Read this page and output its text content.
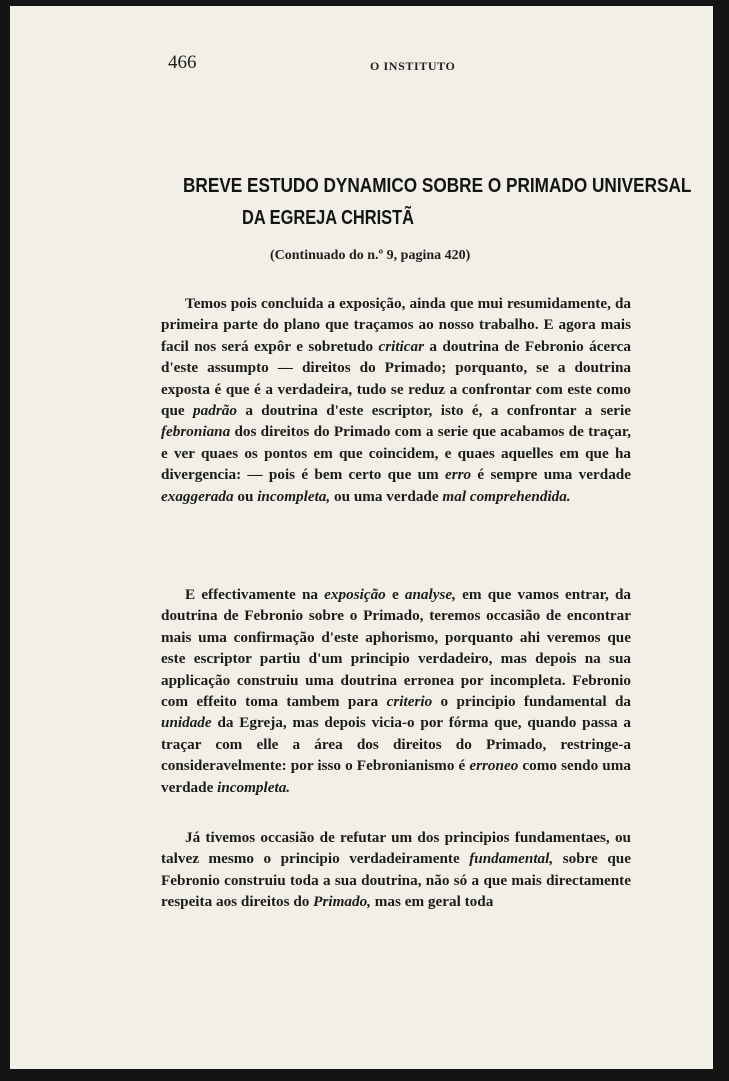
466	O INSTITUTO
BREVE ESTUDO DYNAMICO SOBRE O PRIMADO UNIVERSAL
DA EGREJA CHRISTÃ
(Continuado do n.º 9, pagina 420)

Temos pois concluida a exposição, ainda que mui resumidamente, da primeira parte do plano que traçamos ao nosso trabalho. E agora mais facil nos será expôr e sobretudo criticar a doutrina de Febronio ácerca d'este assumpto — direitos do Primado; porquanto, se a doutrina exposta é que é a verdadeira, tudo se reduz a confrontar com este como que padrão a doutrina d'este escriptor, isto é, a confrontar a serie febroniana dos direitos do Primado com a serie que acabamos de traçar, e ver quaes os pontos em que coincidem, e quaes aquelles em que ha divergencia: — pois é bem certo que um erro é sempre uma verdade exaggerada ou incompleta, ou uma verdade mal comprehendida.

E effectivamente na exposição e analyse, em que vamos entrar, da doutrina de Febronio sobre o Primado, teremos occasião de encontrar mais uma confirmação d'este aphorismo, porquanto ahi veremos que este escriptor partiu d'um principio verdadeiro, mas depois na sua applicação construiu uma doutrina erronea por incompleta. Febronio com effeito toma tambem para criterio o principio fundamental da unidade da Egreja, mas depois vicia-o por fórma que, quando passa a traçar com elle a área dos direitos do Primado, restringe-a consideravelmente: por isso o Febronianismo é erroneo como sendo uma verdade incompleta.

Já tivemos occasião de refutar um dos principios fundamentaes, ou talvez mesmo o principio verdadeiramente fundamental, sobre que Febronio construiu toda a sua doutrina, não só a que mais directamente respeita aos direitos do Primado, mas em geral toda
